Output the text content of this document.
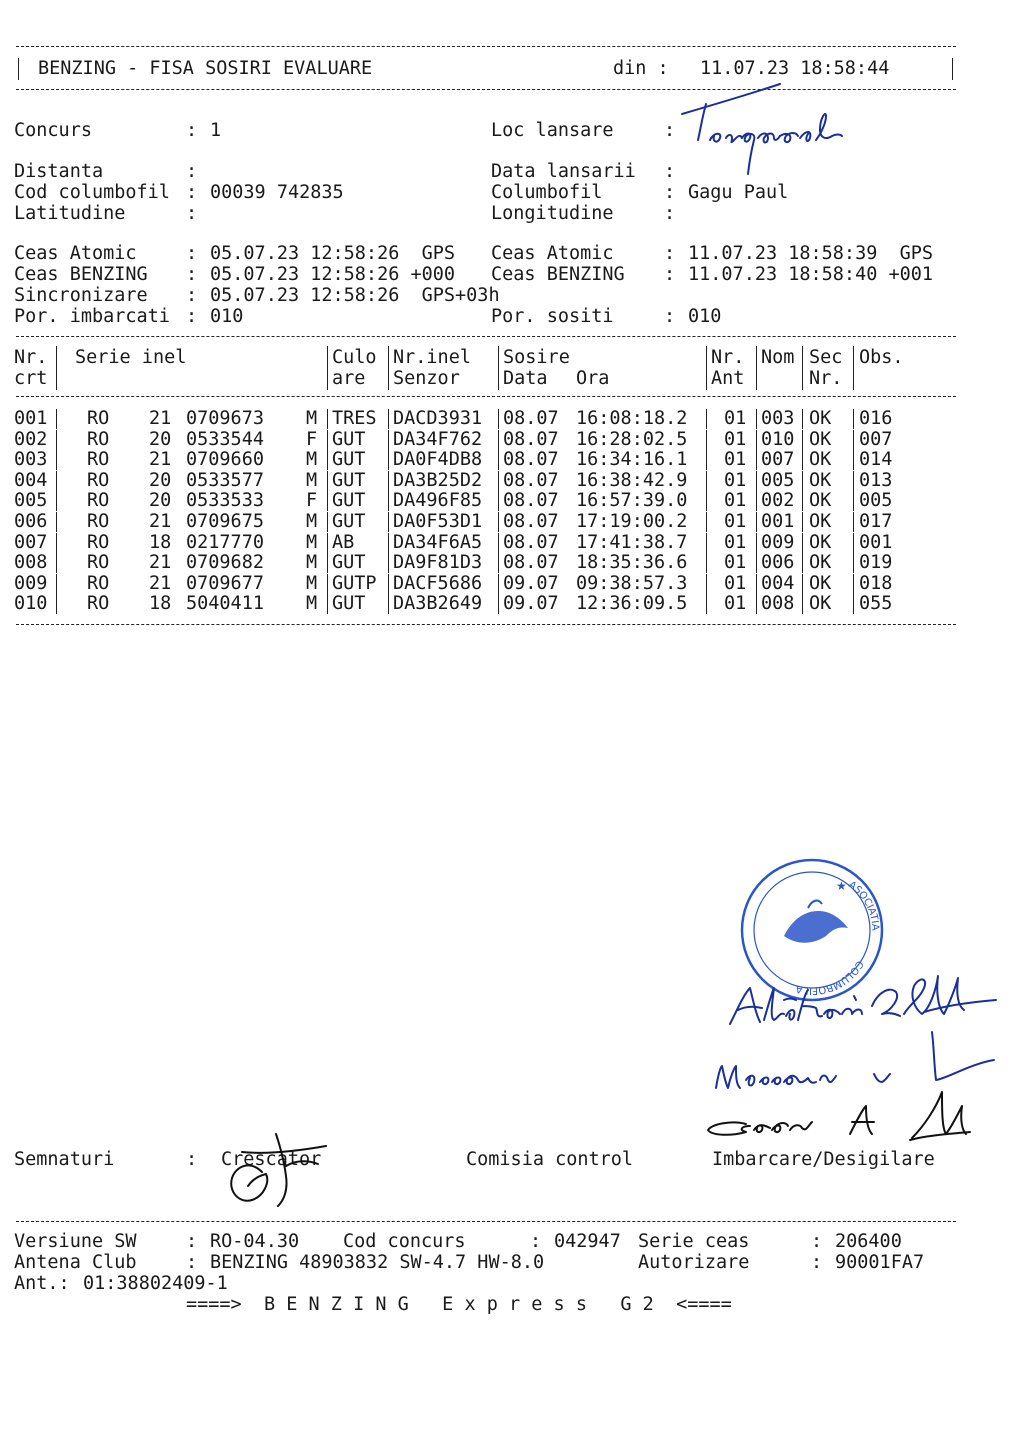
BENZING - FISA SOSIRI EVALUARE	din : 11.07.23 18:58:44
Concurs	: 1	Loc lansare	:
Distanta	:	Data lansarii :
Cod columbofil : 00039 742835	Columbofil	: Gagu Paul
Latitudine	:	Longitudine	:
Ceas Atomic	: 05.07.23 12:58:26  GPS Ceas Atomic	: 11.07.23 18:58:39  GPS
Ceas BENZING : 05.07.23 12:58:26 +000 Ceas BENZING : 11.07.23 18:58:40 +001
Sincronizare : 05.07.23 12:58:26  GPS+03h
Por. imbarcati : 010	Por. sositi	: 010
Nr.
crt
Serie inel	Culo
are
Nr.inel
Senzor
Sosire
Data Ora
Nr.
Ant
Nom Sec
Nr.
Obs.
001 RO 21 0709673 M TRES DACD3931 08.07 16:08:18.2 01 003 OK 016
002 RO 20 0533544 F GUT DA34F762 08.07 16:28:02.5 01 010 OK 007
003 RO 21 0709660 M GUT DA0F4DB8 08.07 16:34:16.1 01 007 OK 014
004 RO 20 0533577 M GUT DA3B25D2 08.07 16:38:42.9 01 005 OK 013
005 RO 20 0533533 F GUT DA496F85 08.07 16:57:39.0 01 002 OK 005
006 RO 21 0709675 M GUT DA0F53D1 08.07 17:19:00.2 01 001 OK 017
007 RO 18 0217770 M AB DA34F6A5 08.07 17:41:38.7 01 009 OK 001
008 RO 21 0709682 M GUT DA9F81D3 08.07 18:35:36.6 01 006 OK 019
009 RO 21 0709677 M GUTP DACF5686 09.07 09:38:57.3 01 004 OK 018
010 RO 18 5040411 M GUT DA3B2649 09.07 12:36:09.5 01 008 OK 055
ASOCIATIA
COLUMBOFILA
★
Semnaturi	: Crescator	Comisia control	Imbarcare/Desigilare
Versiune SW	: RO-04.30 Cod concurs	: 042947 Serie ceas	: 206400
Antena Club	: BENZING 48903832 SW-4.7 HW-8.0	Autorizare	: 90001FA7
Ant.: 01:38802409-1
====>  B E N Z I N G   E x p r e s s   G 2  <====
